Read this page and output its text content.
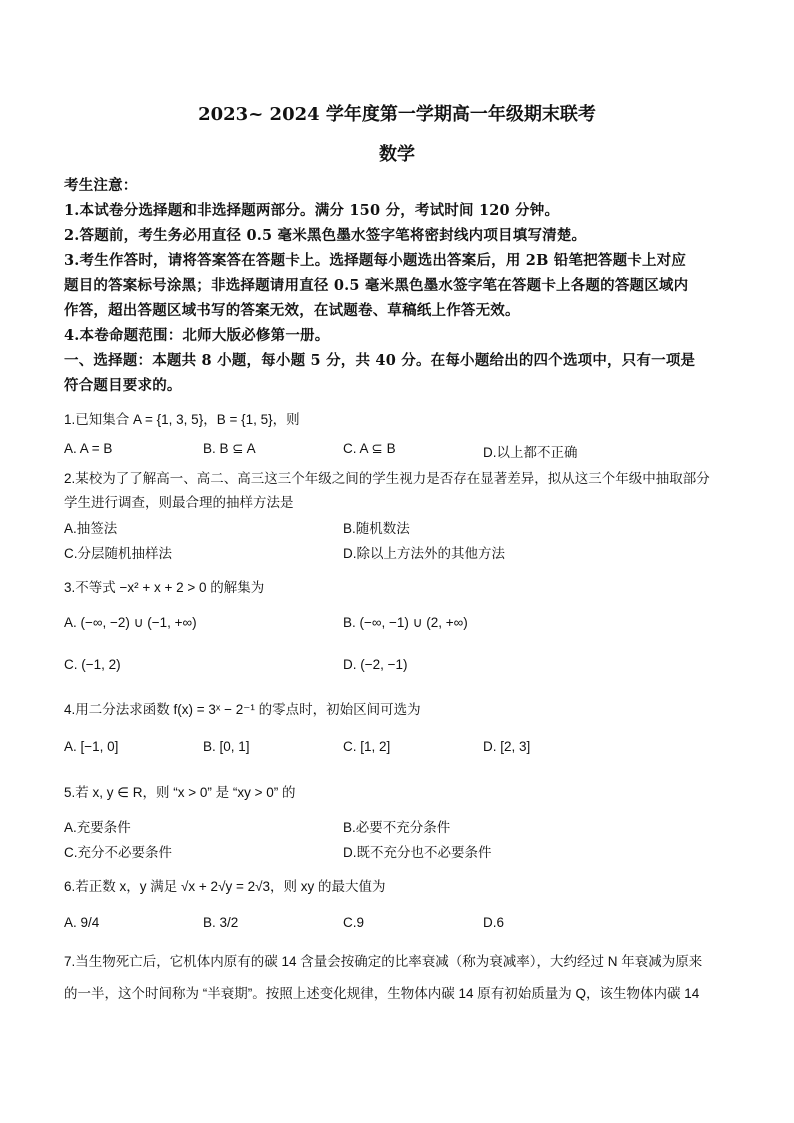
2023~ 2024 学年度第一学期高一年级期末联考
数学
考生注意：
1.本试卷分选择题和非选择题两部分。满分 150 分，考试时间 120 分钟。
2.答题前，考生务必用直径 0.5 毫米黑色墨水签字笔将密封线内项目填写清楚。
3.考生作答时，请将答案答在答题卡上。选择题每小题选出答案后，用 2B 铅笔把答题卡上对应
题目的答案标号涂黑；非选择题请用直径 0.5 毫米黑色墨水签字笔在答题卡上各题的答题区域内
作答，超出答题区域书写的答案无效，在试题卷、草稿纸上作答无效。
4.本卷命题范围：北师大版必修第一册。
一、选择题：本题共 8 小题，每小题 5 分，共 40 分。在每小题给出的四个选项中，只有一项是
符合题目要求的。
1.已知集合 A = {1, 3, 5}，B = {1, 5}，则
A. A = B	B. B ⊆ A	C. A ⊆ B	D.以上都不正确
2.某校为了了解高一、高二、高三这三个年级之间的学生视力是否存在显著差异，拟从这三个年级中抽取部分
学生进行调查，则最合理的抽样方法是
A.抽签法	B.随机数法
C.分层随机抽样法	D.除以上方法外的其他方法
3.不等式 −x² + x + 2 > 0 的解集为
A. (−∞, −2) ∪ (−1, +∞)	B. (−∞, −1) ∪ (2, +∞)
C. (−1, 2)	D. (−2, −1)
4.用二分法求函数 f(x) = 3ˣ − 2⁻¹ 的零点时，初始区间可选为
A. [−1, 0]	B. [0, 1]	C. [1, 2]	D. [2, 3]
5.若 x, y ∈ R，则 “x > 0” 是 “xy > 0” 的
A.充要条件	B.必要不充分条件
C.充分不必要条件	D.既不充分也不必要条件
6.若正数 x，y 满足 √x + 2√y = 2√3，则 xy 的最大值为
A. 9/4	B. 3/2	C.9	D.6
7.当生物死亡后，它机体内原有的碳 14 含量会按确定的比率衰减（称为衰减率），大约经过 N 年衰减为原来
的一半，这个时间称为 “半衰期”。按照上述变化规律，生物体内碳 14 原有初始质量为 Q，该生物体内碳 14
